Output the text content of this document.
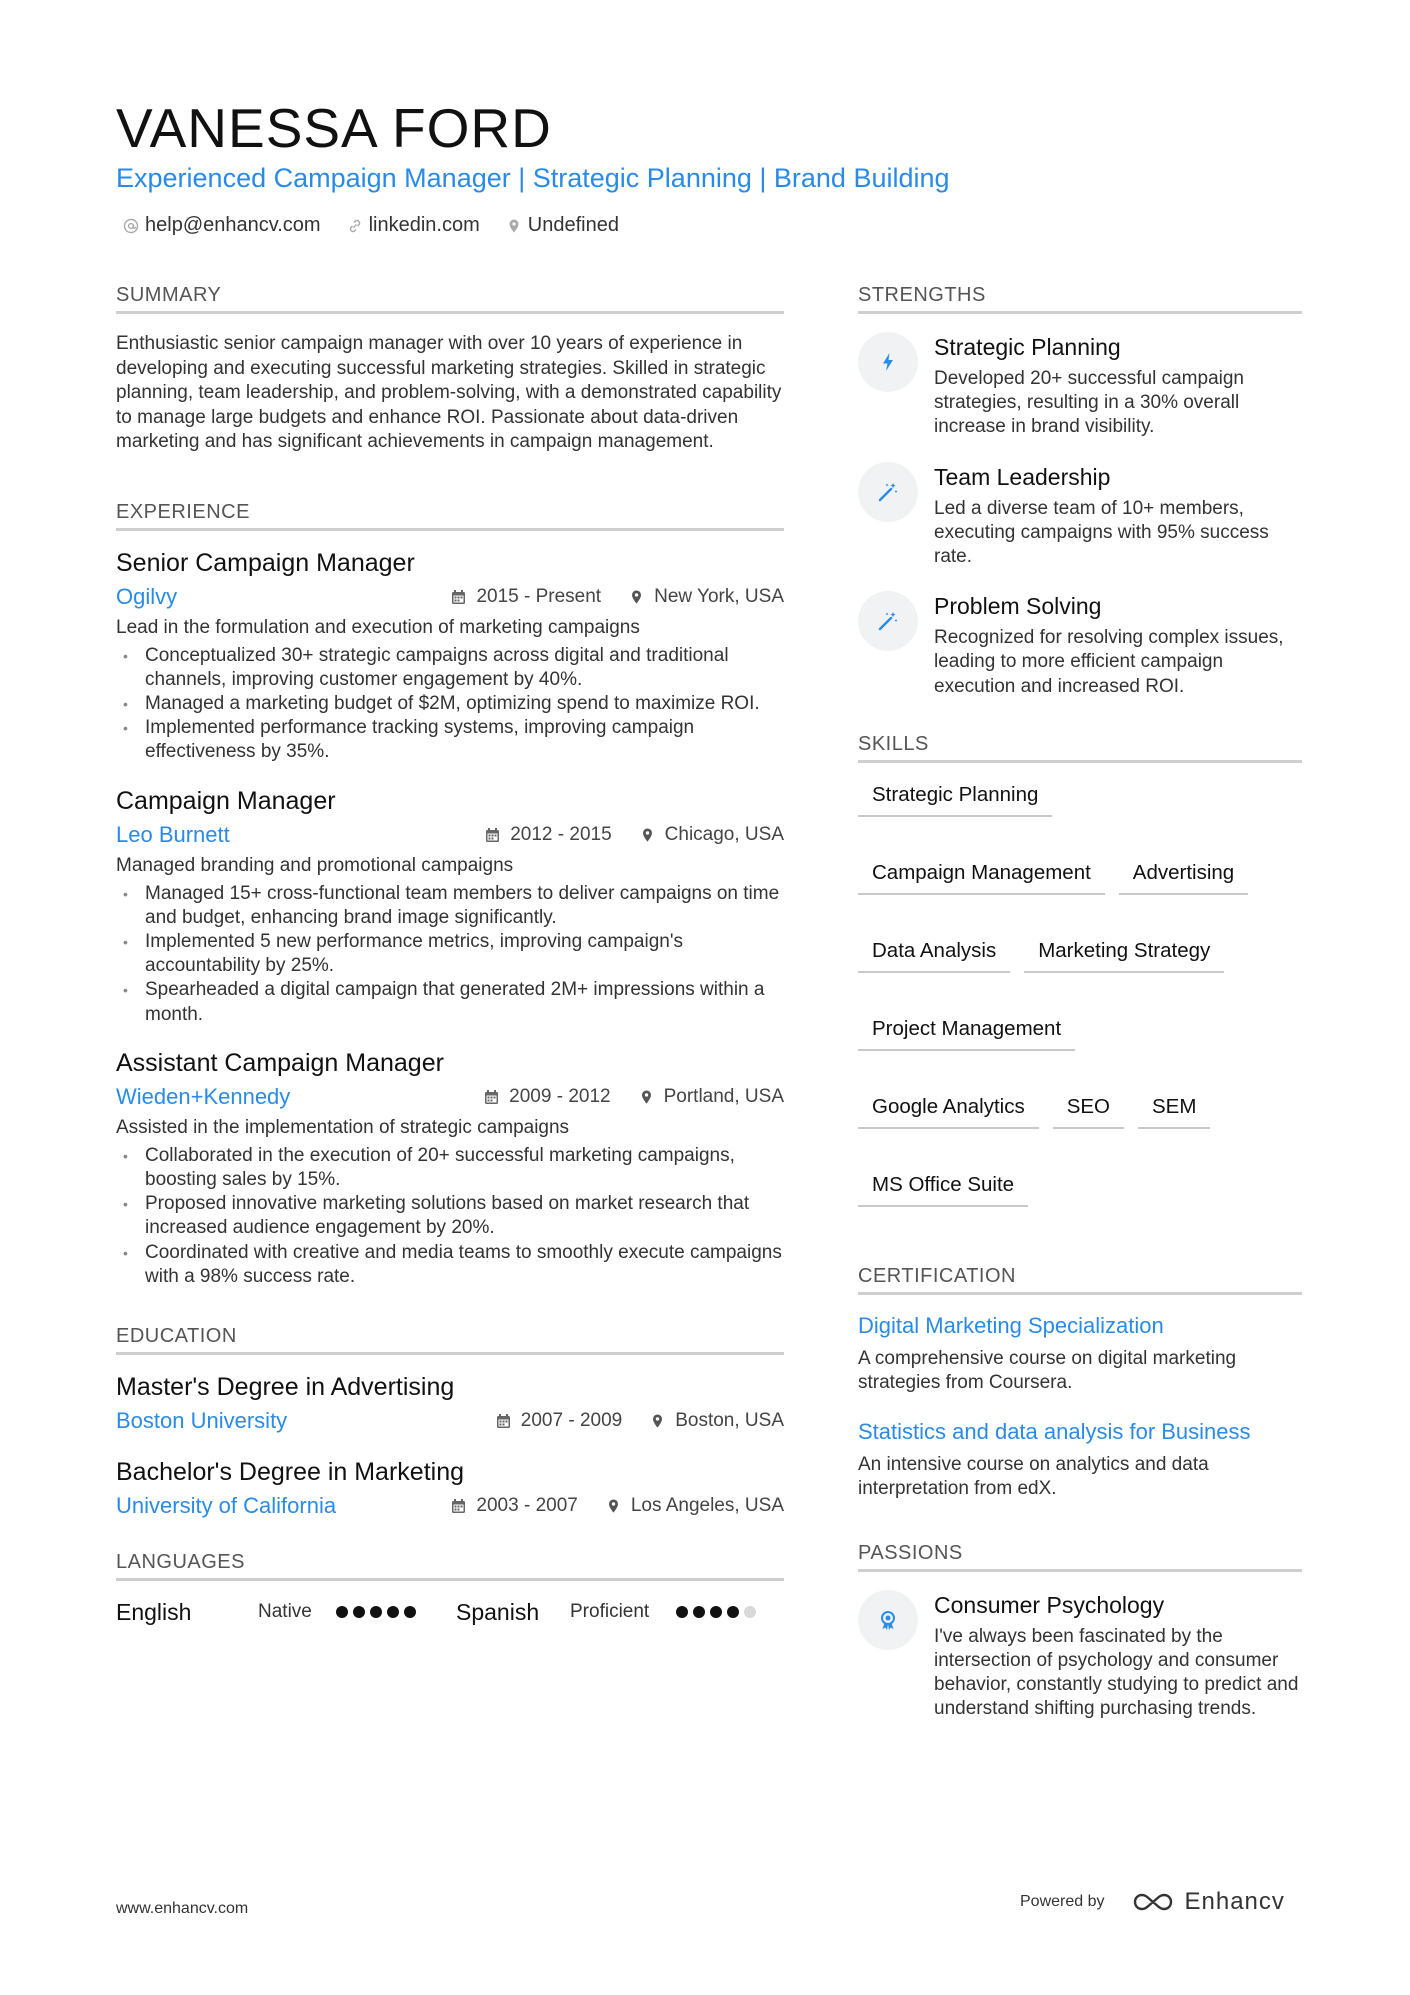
VANESSA FORD
Experienced Campaign Manager | Strategic Planning | Brand Building
help@enhancv.com linkedin.com Undefined
SUMMARY
Enthusiastic senior campaign manager with over 10 years of experience in developing and executing successful marketing strategies. Skilled in strategic planning, team leadership, and problem-solving, with a demonstrated capability to manage large budgets and enhance ROI. Passionate about data-driven marketing and has significant achievements in campaign management.
EXPERIENCE
Senior Campaign Manager
Ogilvy	2015 - Present	New York, USA
Lead in the formulation and execution of marketing campaigns
• Conceptualized 30+ strategic campaigns across digital and traditional channels, improving customer engagement by 40%.
• Managed a marketing budget of $2M, optimizing spend to maximize ROI.
• Implemented performance tracking systems, improving campaign effectiveness by 35%.
Campaign Manager
Leo Burnett	2012 - 2015	Chicago, USA
Managed branding and promotional campaigns
• Managed 15+ cross-functional team members to deliver campaigns on time and budget, enhancing brand image significantly.
• Implemented 5 new performance metrics, improving campaign's accountability by 25%.
• Spearheaded a digital campaign that generated 2M+ impressions within a month.
Assistant Campaign Manager
Wieden+Kennedy	2009 - 2012	Portland, USA
Assisted in the implementation of strategic campaigns
• Collaborated in the execution of 20+ successful marketing campaigns, boosting sales by 15%.
• Proposed innovative marketing solutions based on market research that increased audience engagement by 20%.
• Coordinated with creative and media teams to smoothly execute campaigns with a 98% success rate.
EDUCATION
Master's Degree in Advertising
Boston University	2007 - 2009	Boston, USA
Bachelor's Degree in Marketing
University of California	2003 - 2007	Los Angeles, USA
LANGUAGES
English	Native	Spanish	Proficient
STRENGTHS
Strategic Planning
Developed 20+ successful campaign strategies, resulting in a 30% overall increase in brand visibility.
Team Leadership
Led a diverse team of 10+ members, executing campaigns with 95% success rate.
Problem Solving
Recognized for resolving complex issues, leading to more efficient campaign execution and increased ROI.
SKILLS
Strategic Planning
Campaign Management	Advertising
Data Analysis	Marketing Strategy
Project Management
Google Analytics	SEO	SEM
MS Office Suite
CERTIFICATION
Digital Marketing Specialization
A comprehensive course on digital marketing strategies from Coursera.
Statistics and data analysis for Business
An intensive course on analytics and data interpretation from edX.
PASSIONS
Consumer Psychology
I've always been fascinated by the intersection of psychology and consumer behavior, constantly studying to predict and understand shifting purchasing trends.
www.enhancv.com	Powered by	Enhancv
